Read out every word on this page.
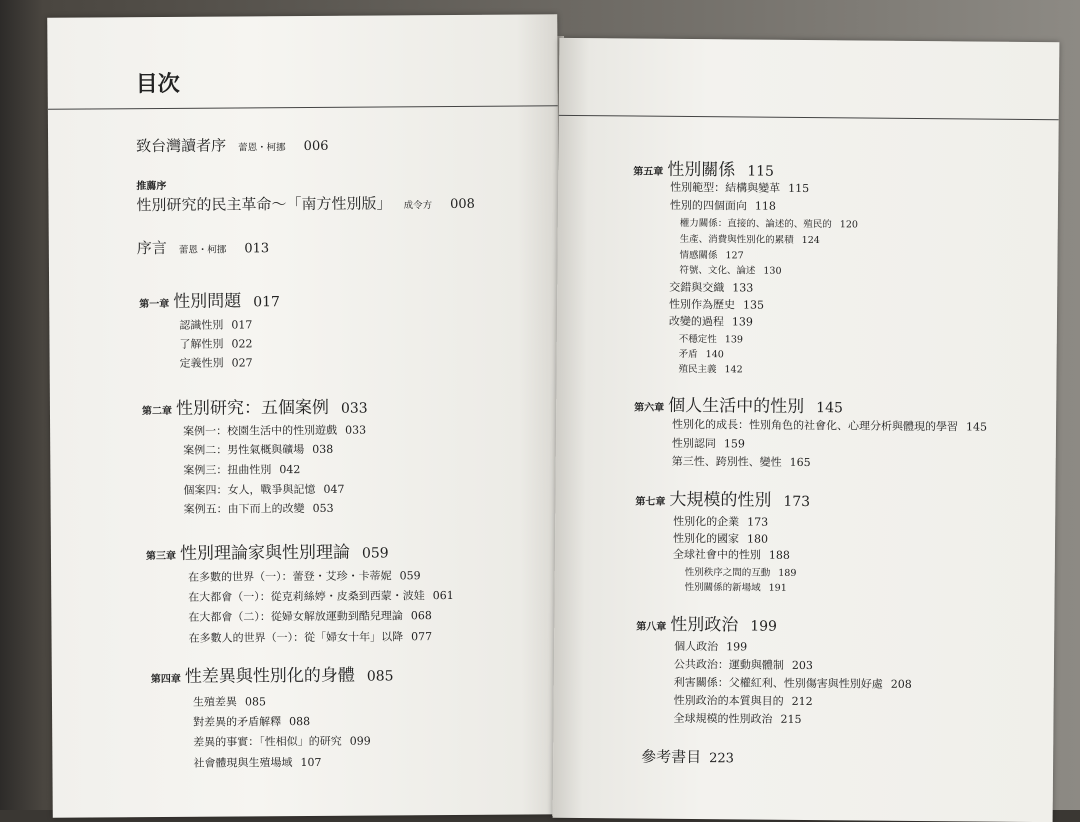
目次
致台灣讀者序 蕾恩・柯挪 006
推薦序
性別研究的民主革命～「南方性別版」 成令方 008
序言 蕾恩・柯挪 013
第一章 性別問題 017
認識性別 017
了解性別 022
定義性別 027
第二章 性別研究：五個案例 033
案例一：校園生活中的性別遊戲 033
案例二：男性氣概與礦場 038
案例三：扭曲性別 042
個案四：女人，戰爭與記憶 047
案例五：由下而上的改變 053
第三章 性別理論家與性別理論 059
在多數的世界（一）：蕾登・艾珍・卡蒂妮 059
在大都會（一）：從克莉絲婷・皮桑到西蒙・波娃 061
在大都會（二）：從婦女解放運動到酷兒理論 068
在多數人的世界（一）：從「婦女十年」以降 077
第四章 性差異與性別化的身體 085
生殖差異 085
對差異的矛盾解釋 088
差異的事實：「性相似」的研究 099
社會體現與生殖場域 107
第五章 性別關係 115
性別範型：結構與變革 115
性別的四個面向 118
權力關係：直接的、論述的、殖民的 120
生產、消費與性別化的累積 124
情感關係 127
符號、文化、論述 130
交錯與交織 133
性別作為歷史 135
改變的過程 139
不穩定性 139
矛盾 140
殖民主義 142
第六章 個人生活中的性別 145
性別化的成長：性別角色的社會化、心理分析與體現的學習 145
性別認同 159
第三性、跨別性、變性 165
第七章 大規模的性別 173
性別化的企業 173
性別化的國家 180
全球社會中的性別 188
性別秩序之間的互動 189
性別關係的新場域 191
第八章 性別政治 199
個人政治 199
公共政治：運動與體制 203
利害關係：父權紅利、性別傷害與性別好處 208
性別政治的本質與目的 212
全球規模的性別政治 215
參考書目 223
